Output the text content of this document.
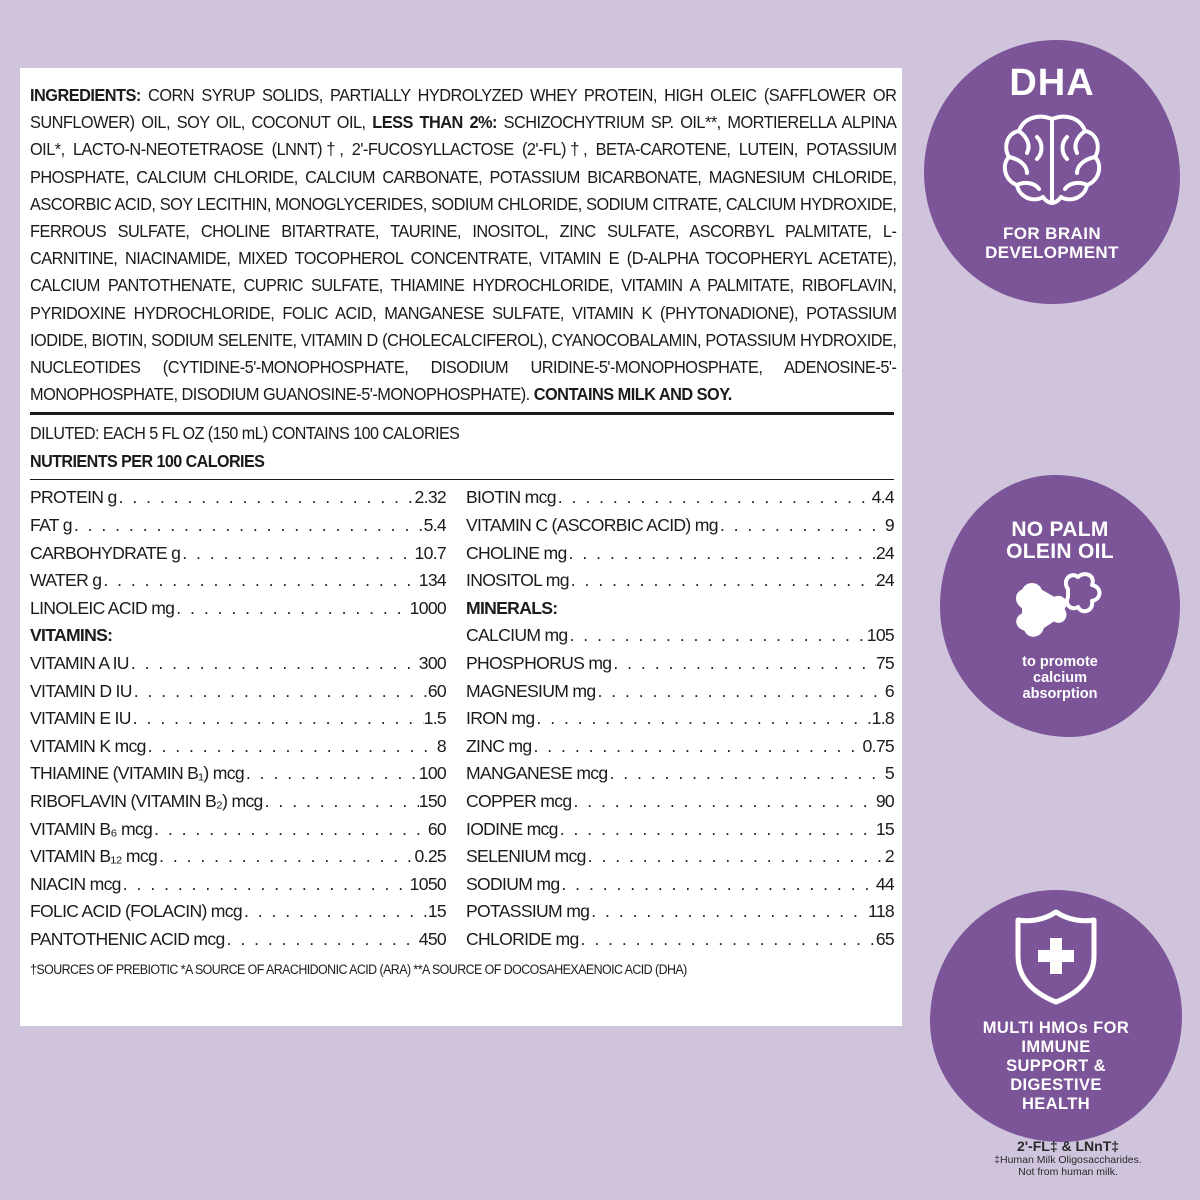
INGREDIENTS: CORN SYRUP SOLIDS, PARTIALLY HYDROLYZED WHEY PROTEIN, HIGH OLEIC (SAFFLOWER OR SUNFLOWER) OIL, SOY OIL, COCONUT OIL, LESS THAN 2%: SCHIZOCHYTRIUM SP. OIL**, MORTIERELLA ALPINA OIL*, LACTO-N-NEOTETRAOSE (LNNT)†, 2'-FUCOSYLLACTOSE (2'-FL)†, BETA-CAROTENE, LUTEIN, POTASSIUM PHOSPHATE, CALCIUM CHLORIDE, CALCIUM CARBONATE, POTASSIUM BICARBONATE, MAGNESIUM CHLORIDE, ASCORBIC ACID, SOY LECITHIN, MONOGLYCERIDES, SODIUM CHLORIDE, SODIUM CITRATE, CALCIUM HYDROXIDE, FERROUS SULFATE, CHOLINE BITARTRATE, TAURINE, INOSITOL, ZINC SULFATE, ASCORBYL PALMITATE, L-CARNITINE, NIACINAMIDE, MIXED TOCOPHEROL CONCENTRATE, VITAMIN E (D-ALPHA TOCOPHERYL ACETATE), CALCIUM PANTOTHENATE, CUPRIC SULFATE, THIAMINE HYDROCHLORIDE, VITAMIN A PALMITATE, RIBOFLAVIN, PYRIDOXINE HYDROCHLORIDE, FOLIC ACID, MANGANESE SULFATE, VITAMIN K (PHYTONADIONE), POTASSIUM IODIDE, BIOTIN, SODIUM SELENITE, VITAMIN D (CHOLECALCIFEROL), CYANOCOBALAMIN, POTASSIUM HYDROXIDE, NUCLEOTIDES (CYTIDINE-5'-MONOPHOSPHATE, DISODIUM URIDINE-5'-MONOPHOSPHATE, ADENOSINE-5'-MONOPHOSPHATE, DISODIUM GUANOSINE-5'-MONOPHOSPHATE). CONTAINS MILK AND SOY.

DILUTED: EACH 5 FL OZ (150 mL) CONTAINS 100 CALORIES
NUTRIENTS PER 100 CALORIES
PROTEIN g . . .	2.32
FAT g . . .	5.4
CARBOHYDRATE g . . .	10.7
WATER g . . .	134
LINOLEIC ACID mg . . .	1000
VITAMINS:
VITAMIN A IU . . .	300
VITAMIN D IU . . .	60
VITAMIN E IU . . .	1.5
VITAMIN K mcg . . .	8
THIAMINE (VITAMIN B₁) mcg . . .	100
RIBOFLAVIN (VITAMIN B₂) mcg . . .	150
VITAMIN B₆ mcg . . .	60
VITAMIN B₁₂ mcg . . .	0.25
NIACIN mcg . . .	1050
FOLIC ACID (FOLACIN) mcg . . .	15
PANTOTHENIC ACID mcg . . .	450
BIOTIN mcg . . .	4.4
VITAMIN C (ASCORBIC ACID) mg . . .	9
CHOLINE mg . . .	24
INOSITOL mg . . .	24
MINERALS:
CALCIUM mg . . .	105
PHOSPHORUS mg . . .	75
MAGNESIUM mg . . .	6
IRON mg . . .	1.8
ZINC mg . . .	0.75
MANGANESE mcg . . .	5
COPPER mcg . . .	90
IODINE mcg . . .	15
SELENIUM mcg . . .	2
SODIUM mg . . .	44
POTASSIUM mg . . .	118
CHLORIDE mg . . .	65
†SOURCES OF PREBIOTIC *A SOURCE OF ARACHIDONIC ACID (ARA) **A SOURCE OF DOCOSAHEXAENOIC ACID (DHA)
DHA
FOR BRAIN
DEVELOPMENT
NO PALM
OLEIN OIL
to promote
calcium
absorption
MULTI HMOs FOR
IMMUNE
SUPPORT &
DIGESTIVE
HEALTH
2'-FL‡ & LNnT‡
‡Human Milk Oligosaccharides.
Not from human milk.
